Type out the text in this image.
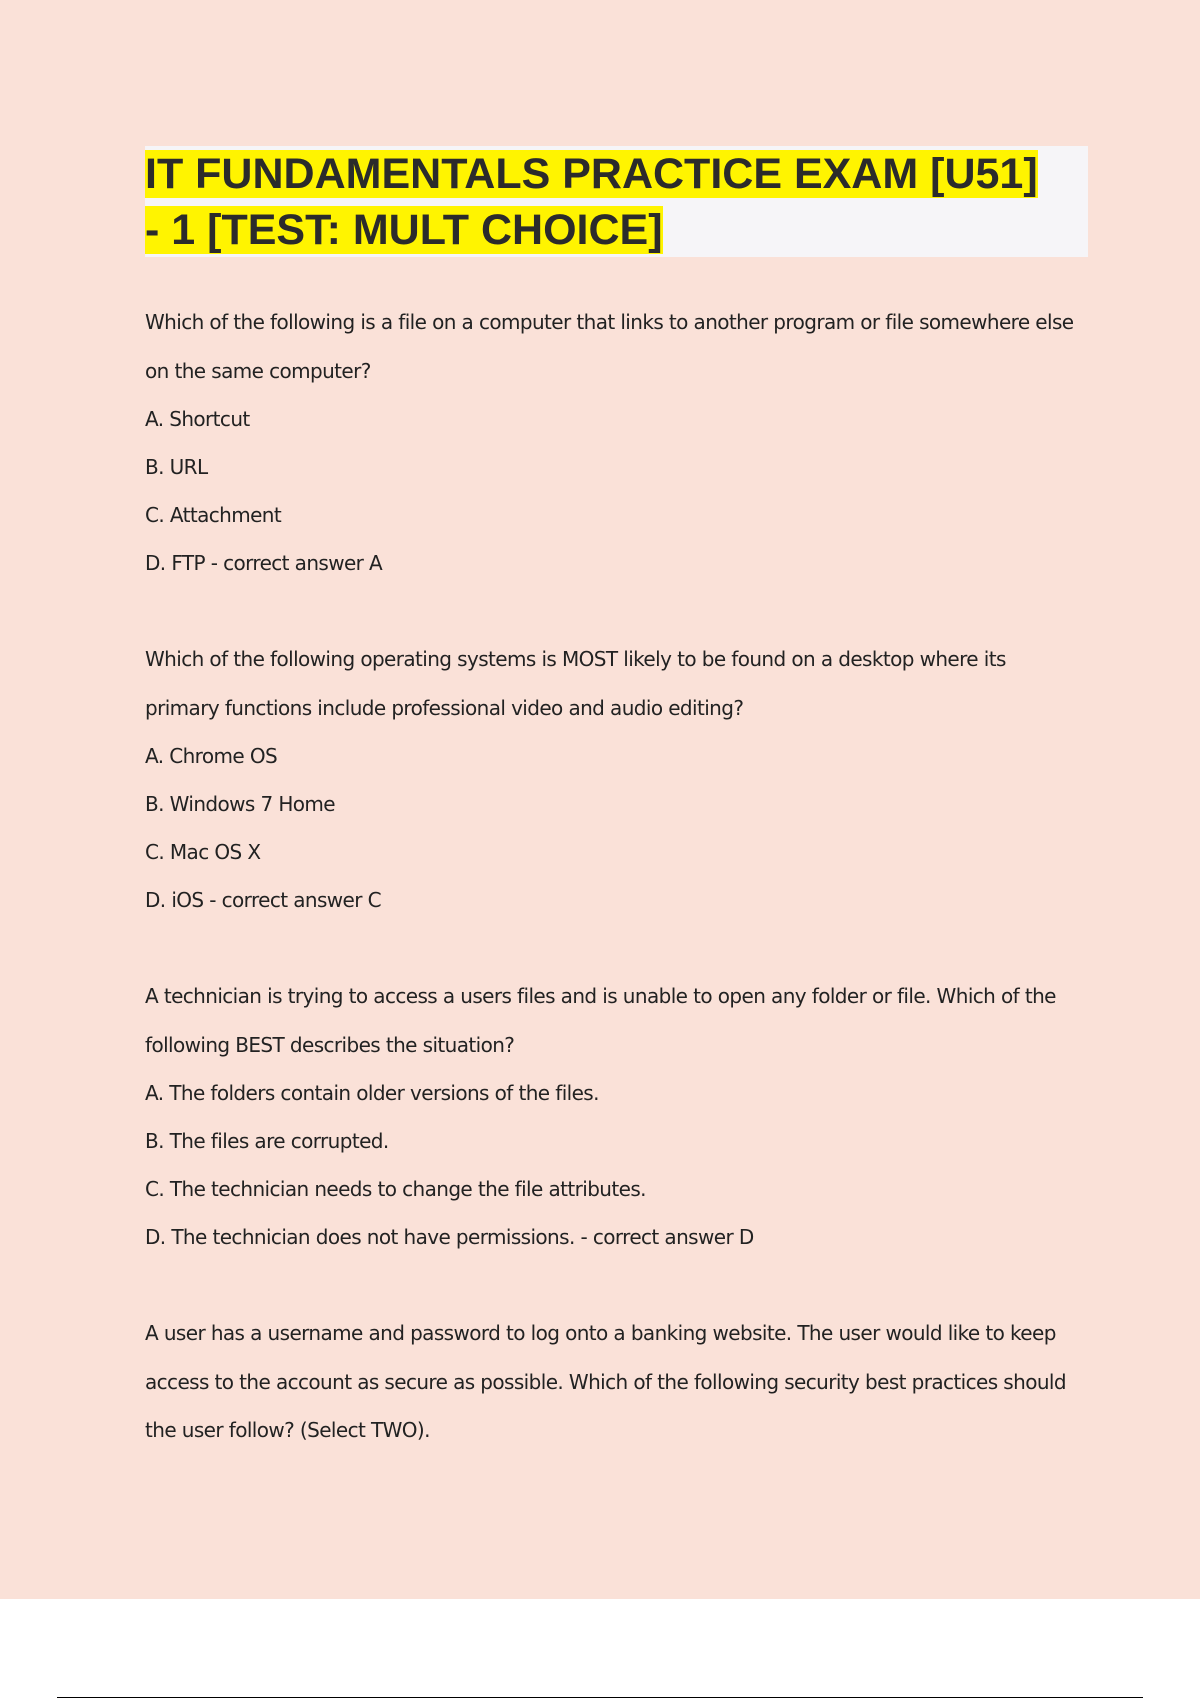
IT FUNDAMENTALS PRACTICE EXAM [U51] - 1 [TEST: MULT CHOICE]
Which of the following is a file on a computer that links to another program or file somewhere else on the same computer?
A. Shortcut
B. URL
C. Attachment
D. FTP - correct answer A
Which of the following operating systems is MOST likely to be found on a desktop where its primary functions include professional video and audio editing?
A. Chrome OS
B. Windows 7 Home
C. Mac OS X
D. iOS - correct answer C
A technician is trying to access a users files and is unable to open any folder or file. Which of the following BEST describes the situation?
A. The folders contain older versions of the files.
B. The files are corrupted.
C. The technician needs to change the file attributes.
D. The technician does not have permissions. - correct answer D
A user has a username and password to log onto a banking website. The user would like to keep access to the account as secure as possible. Which of the following security best practices should the user follow? (Select TWO).
